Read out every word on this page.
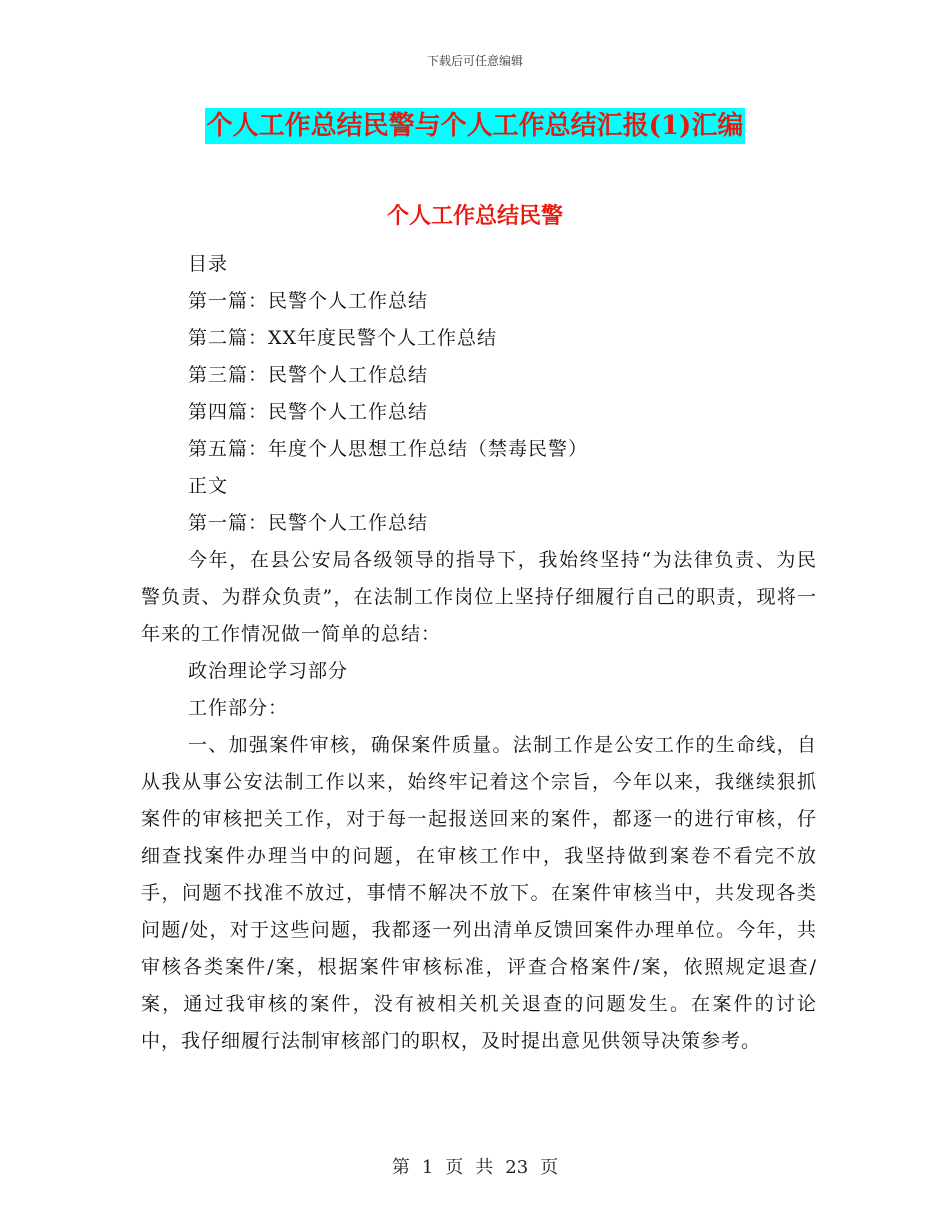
下载后可任意编辑
个人工作总结民警与个人工作总结汇报(1)汇编
个人工作总结民警
目录
第一篇：民警个人工作总结
第二篇：XX年度民警个人工作总结
第三篇：民警个人工作总结
第四篇：民警个人工作总结
第五篇：年度个人思想工作总结（禁毒民警）
正文
第一篇：民警个人工作总结

今年，在县公安局各级领导的指导下，我始终坚持“为法律负责、为民警负责、为群众负责”，在法制工作岗位上坚持仔细履行自己的职责，现将一年来的工作情况做一简单的总结：

政治理论学习部分
工作部分：

一、加强案件审核，确保案件质量。法制工作是公安工作的生命线，自从我从事公安法制工作以来，始终牢记着这个宗旨，今年以来，我继续狠抓案件的审核把关工作，对于每一起报送回来的案件，都逐一的进行审核，仔细查找案件办理当中的问题，在审核工作中，我坚持做到案卷不看完不放手，问题不找准不放过，事情不解决不放下。在案件审核当中，共发现各类问题/处，对于这些问题，我都逐一列出清单反馈回案件办理单位。今年，共审核各类案件/案，根据案件审核标准，评查合格案件/案，依照规定退查/案，通过我审核的案件，没有被相关机关退查的问题发生。在案件的讨论中，我仔细履行法制审核部门的职权，及时提出意见供领导决策参考。

第 1 页 共 23 页
